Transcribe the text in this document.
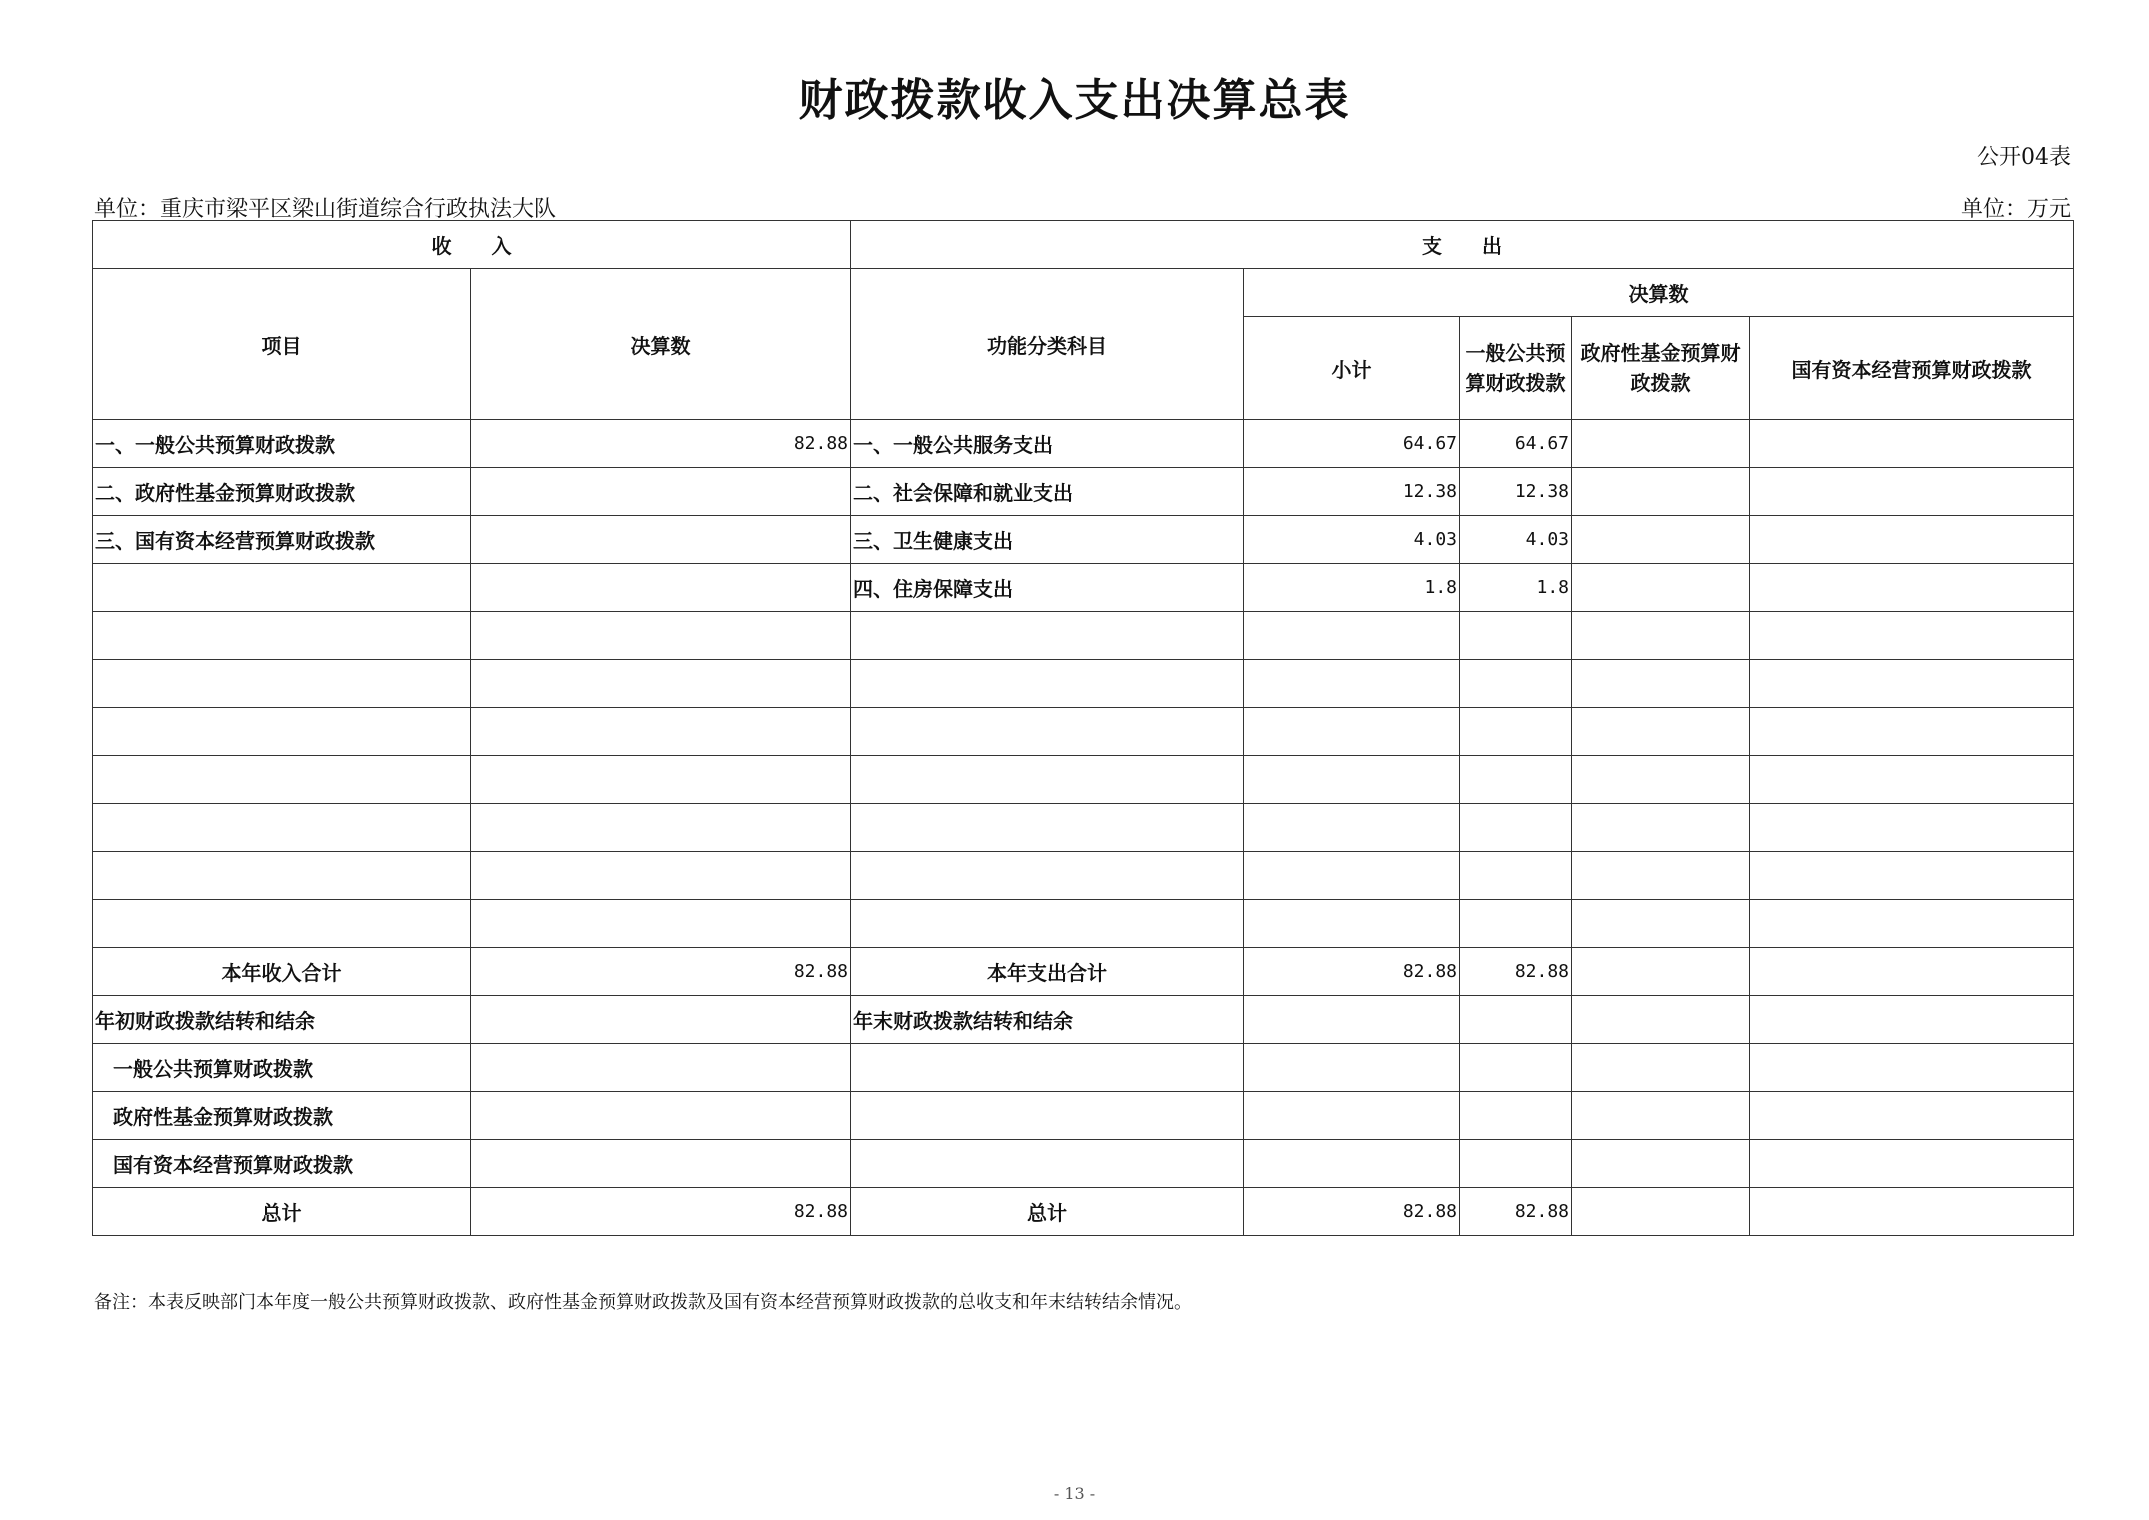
财政拨款收入支出决算总表
公开04表
单位：重庆市梁平区梁山街道综合行政执法大队	单位：万元
收　　入		支　　出				
项目	决算数	功能分类科目	决算数			
			小计	一般公共预算财政拨款	政府性基金预算财政拨款	国有资本经营预算财政拨款
一、一般公共预算财政拨款	82.88	一、一般公共服务支出	64.67	64.67		
二、政府性基金预算财政拨款		二、社会保障和就业支出	12.38	12.38		
三、国有资本经营预算财政拨款		三、卫生健康支出	4.03	4.03		
		四、住房保障支出	1.8	1.8		

本年收入合计	82.88	本年支出合计	82.88	82.88		
年初财政拨款结转和结余		年末财政拨款结转和结余				
一般公共预算财政拨款						
政府性基金预算财政拨款						
国有资本经营预算财政拨款						
总计	82.88	总计	82.88	82.88		
备注：本表反映部门本年度一般公共预算财政拨款、政府性基金预算财政拨款及国有资本经营预算财政拨款的总收支和年末结转结余情况。
- 13 -
